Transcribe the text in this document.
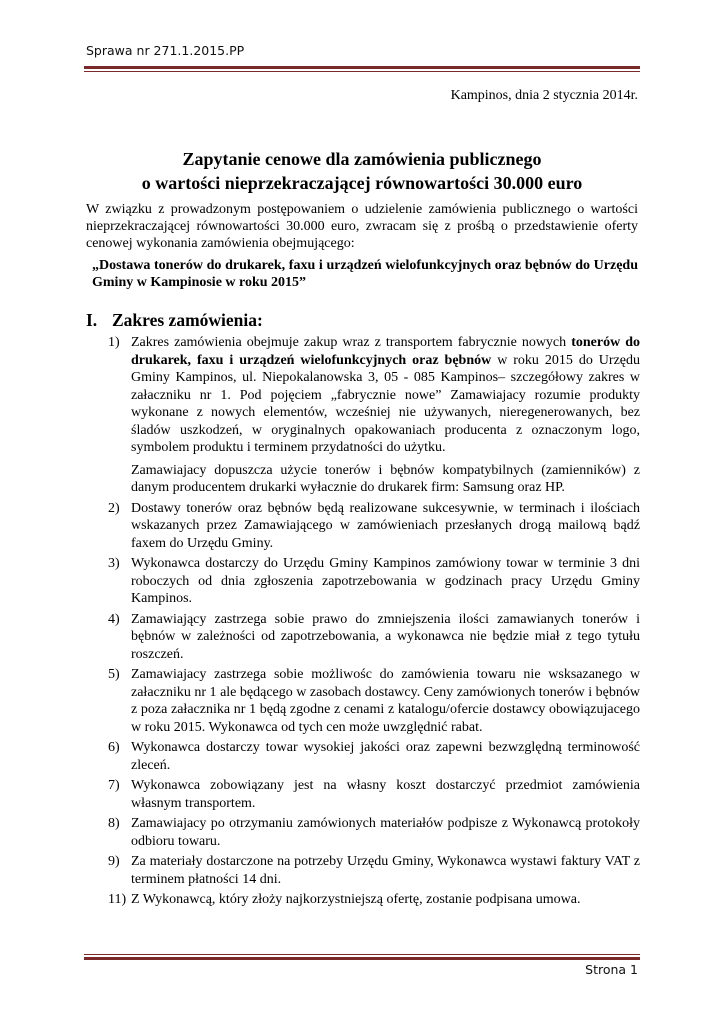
Sprawa nr 271.1.2015.PP
Kampinos, dnia 2 stycznia 2014r.
Zapytanie cenowe dla zamówienia publicznego
o wartości nieprzekraczającej równowartości 30.000 euro
W związku z prowadzonym postępowaniem o udzielenie zamówienia publicznego o wartości nieprzekraczającej równowartości 30.000 euro, zwracam się z prośbą o przedstawienie oferty cenowej wykonania zamówienia obejmującego:
„Dostawa tonerów do drukarek, faxu i urządzeń wielofunkcyjnych oraz bębnów do Urzędu Gminy w Kampinosie w roku 2015”
I. Zakres zamówienia:
1) Zakres zamówienia obejmuje zakup wraz z transportem fabrycznie nowych tonerów do drukarek, faxu i urządzeń wielofunkcyjnych oraz bębnów w roku 2015 do Urzędu Gminy Kampinos, ul. Niepokalanowska 3, 05 - 085 Kampinos– szczegółowy zakres w załaczniku nr 1. Pod pojęciem „fabrycznie nowe” Zamawiajacy rozumie produkty wykonane z nowych elementów, wcześniej nie używanych, nieregenerowanych, bez śladów uszkodzeń, w oryginalnych opakowaniach producenta z oznaczonym logo, symbolem produktu i terminem przydatności do użytku.

Zamawiajacy dopuszcza użycie tonerów i bębnów kompatybilnych (zamienników) z danym producentem drukarki wyłacznie do drukarek firm: Samsung oraz HP.

2) Dostawy tonerów oraz bębnów będą realizowane sukcesywnie, w terminach i ilościach wskazanych przez Zamawiającego w zamówieniach przesłanych drogą mailową bądź faxem do Urzędu Gminy.
3) Wykonawca dostarczy do Urzędu Gminy Kampinos zamówiony towar w terminie 3 dni roboczych od dnia zgłoszenia zapotrzebowania w godzinach pracy Urzędu Gminy Kampinos.
4) Zamawiający zastrzega sobie prawo do zmniejszenia ilości zamawianych tonerów i bębnów w zależności od zapotrzebowania, a wykonawca nie będzie miał z tego tytułu roszczeń.
5) Zamawiajacy zastrzega sobie możliwośc do zamówienia towaru nie wsksazanego w załaczniku nr 1 ale będącego w zasobach dostawcy. Ceny zamówionych tonerów i bębnów z poza załacznika nr 1 będą zgodne z cenami z katalogu/ofercie dostawcy obowiązujacego w roku 2015. Wykonawca od tych cen może uwzględnić rabat.
6) Wykonawca dostarczy towar wysokiej jakości oraz zapewni bezwzględną terminowość zleceń.
7) Wykonawca zobowiązany jest na własny koszt dostarczyć przedmiot zamówienia własnym transportem.
8) Zamawiajacy po otrzymaniu zamówionych materiałów podpisze z Wykonawcą protokoły odbioru towaru.
9) Za materiały dostarczone na potrzeby Urzędu Gminy, Wykonawca wystawi faktury VAT z terminem płatności 14 dni.
11) Z Wykonawcą, który złoży najkorzystniejszą ofertę, zostanie podpisana umowa.
Strona 1
